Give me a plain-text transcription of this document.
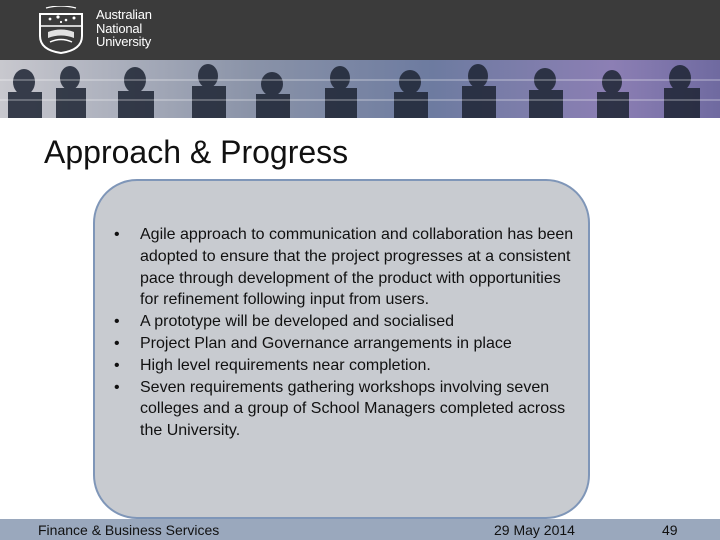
Australian
National
University
Approach & Progress
• Agile approach to communication and collaboration has been adopted to ensure that the project progresses at a consistent pace through development of the product with opportunities for refinement following input from users.
• A prototype will be developed and socialised
• Project Plan and Governance arrangements in place
• High level requirements near completion.
• Seven requirements gathering workshops involving seven colleges and a group of School Managers completed across the University.
Finance & Business Services	29 May 2014	49
